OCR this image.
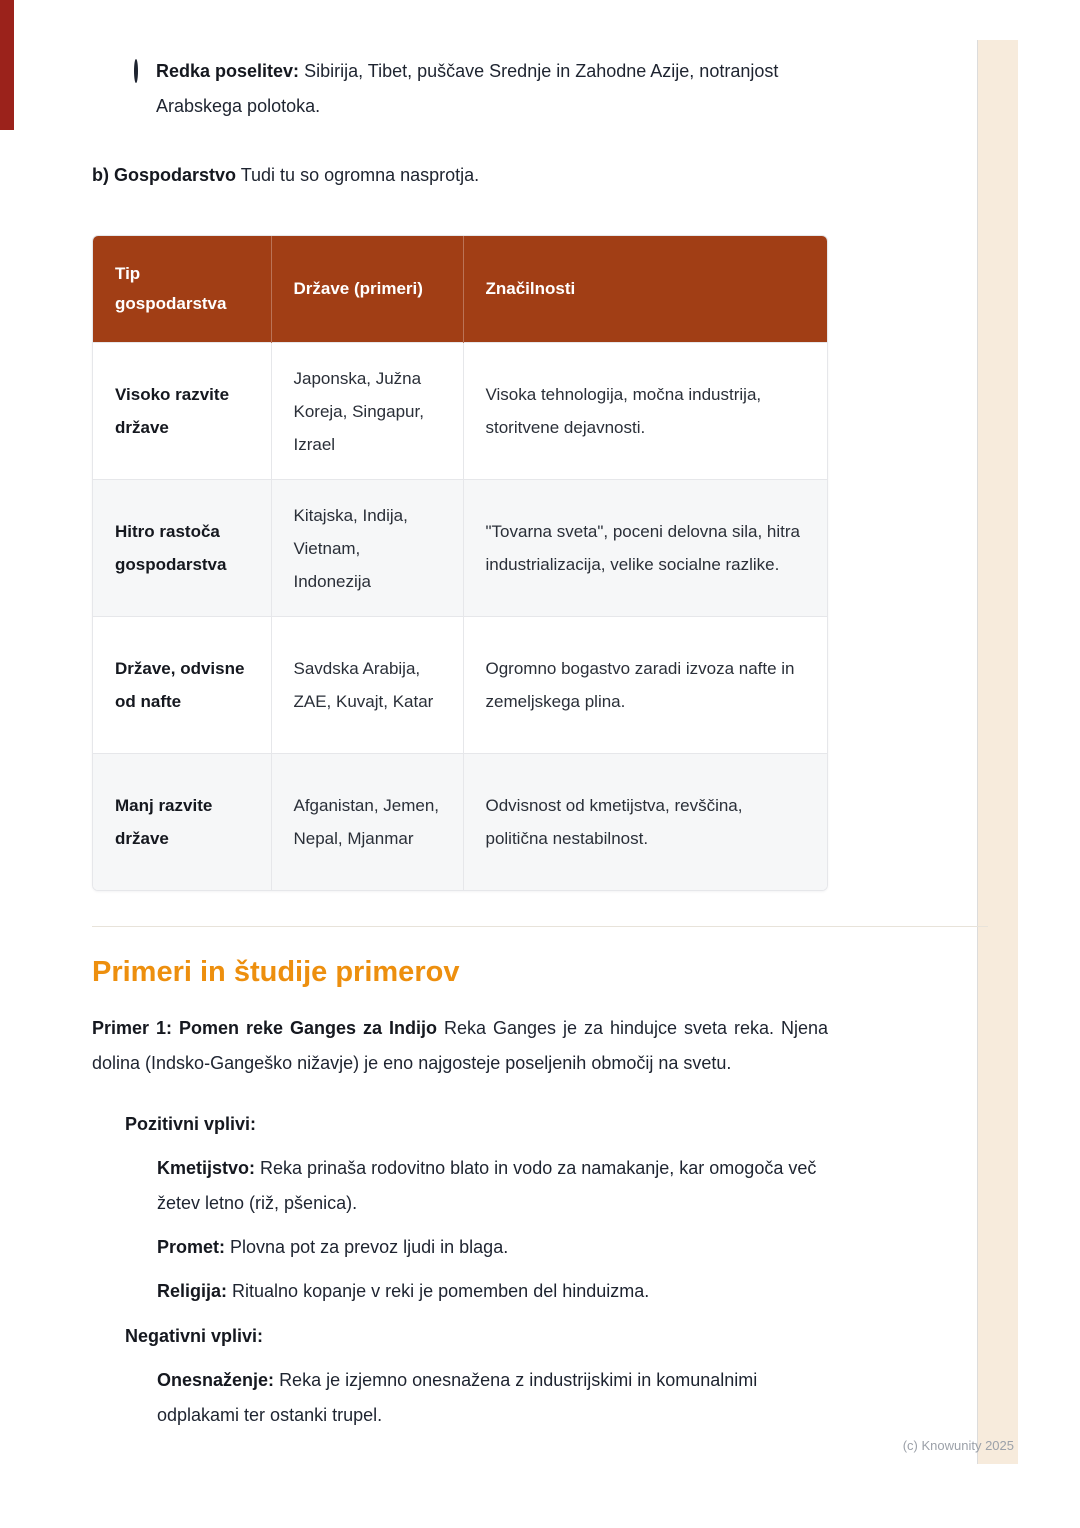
Redka poselitev: Sibirija, Tibet, puščave Srednje in Zahodne Azije, notranjost Arabskega polotoka.
b) Gospodarstvo Tudi tu so ogromna nasprotja.
Tip gospodarstva	Države (primeri)	Značilnosti
Visoko razvite države	Japonska, Južna Koreja, Singapur, Izrael	Visoka tehnologija, močna industrija, storitvene dejavnosti.
Hitro rastoča gospodarstva	Kitajska, Indija, Vietnam, Indonezija	"Tovarna sveta", poceni delovna sila, hitra industrializacija, velike socialne razlike.
Države, odvisne od nafte	Savdska Arabija, ZAE, Kuvajt, Katar	Ogromno bogastvo zaradi izvoza nafte in zemeljskega plina.
Manj razvite države	Afganistan, Jemen, Nepal, Mjanmar	Odvisnost od kmetijstva, revščina, politična nestabilnost.
Primeri in študije primerov
Primer 1: Pomen reke Ganges za Indijo Reka Ganges je za hindujce sveta reka. Njena dolina (Indsko-Gangeško nižavje) je eno najgosteje poseljenih območij na svetu.
Pozitivni vplivi:
Kmetijstvo: Reka prinaša rodovitno blato in vodo za namakanje, kar omogoča več žetev letno (riž, pšenica).
Promet: Plovna pot za prevoz ljudi in blaga.
Religija: Ritualno kopanje v reki je pomemben del hinduizma.
Negativni vplivi:
Onesnaženje: Reka je izjemno onesnažena z industrijskimi in komunalnimi odplakami ter ostanki trupel.
(c) Knowunity 2025
